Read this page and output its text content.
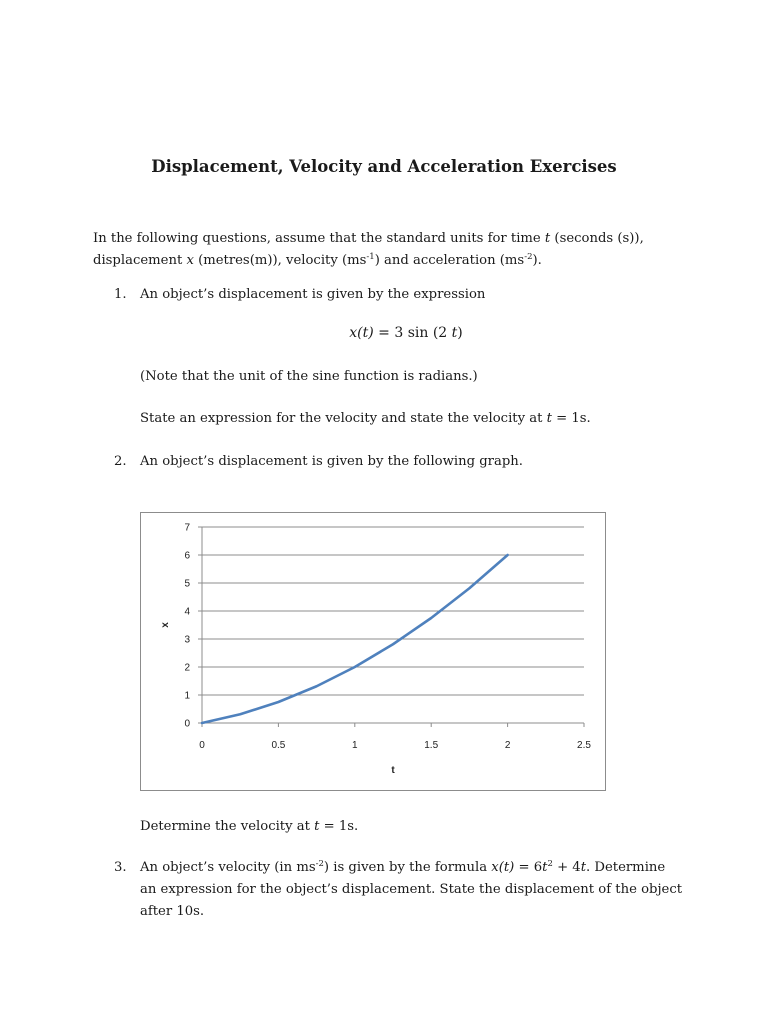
Displacement, Velocity and Acceleration Exercises
In the following questions, assume that the standard units for time t (seconds (s)),
displacement x (metres(m)), velocity $(ms^{-1})$ and acceleration $(ms^{-2})$.
1.	An object’s displacement is given by the expression
x(t) = 3 sin (2 t)
(Note that the unit of the sine function is radians.)
State an expression for the velocity and state the velocity at t = 1s.
2.	An object’s displacement is given by the following graph.
0
1
2
3
4
5
6
7
0	0.5	1	1.5	2	2.5
t
x
Determine the velocity at t = 1s.
3.	An object’s velocity (in $ms^{-2}$) is given by the formula $x(t) = 6t^2 + 4t$. Determine
an expression for the object’s displacement. State the displacement of the object
after 10s.
